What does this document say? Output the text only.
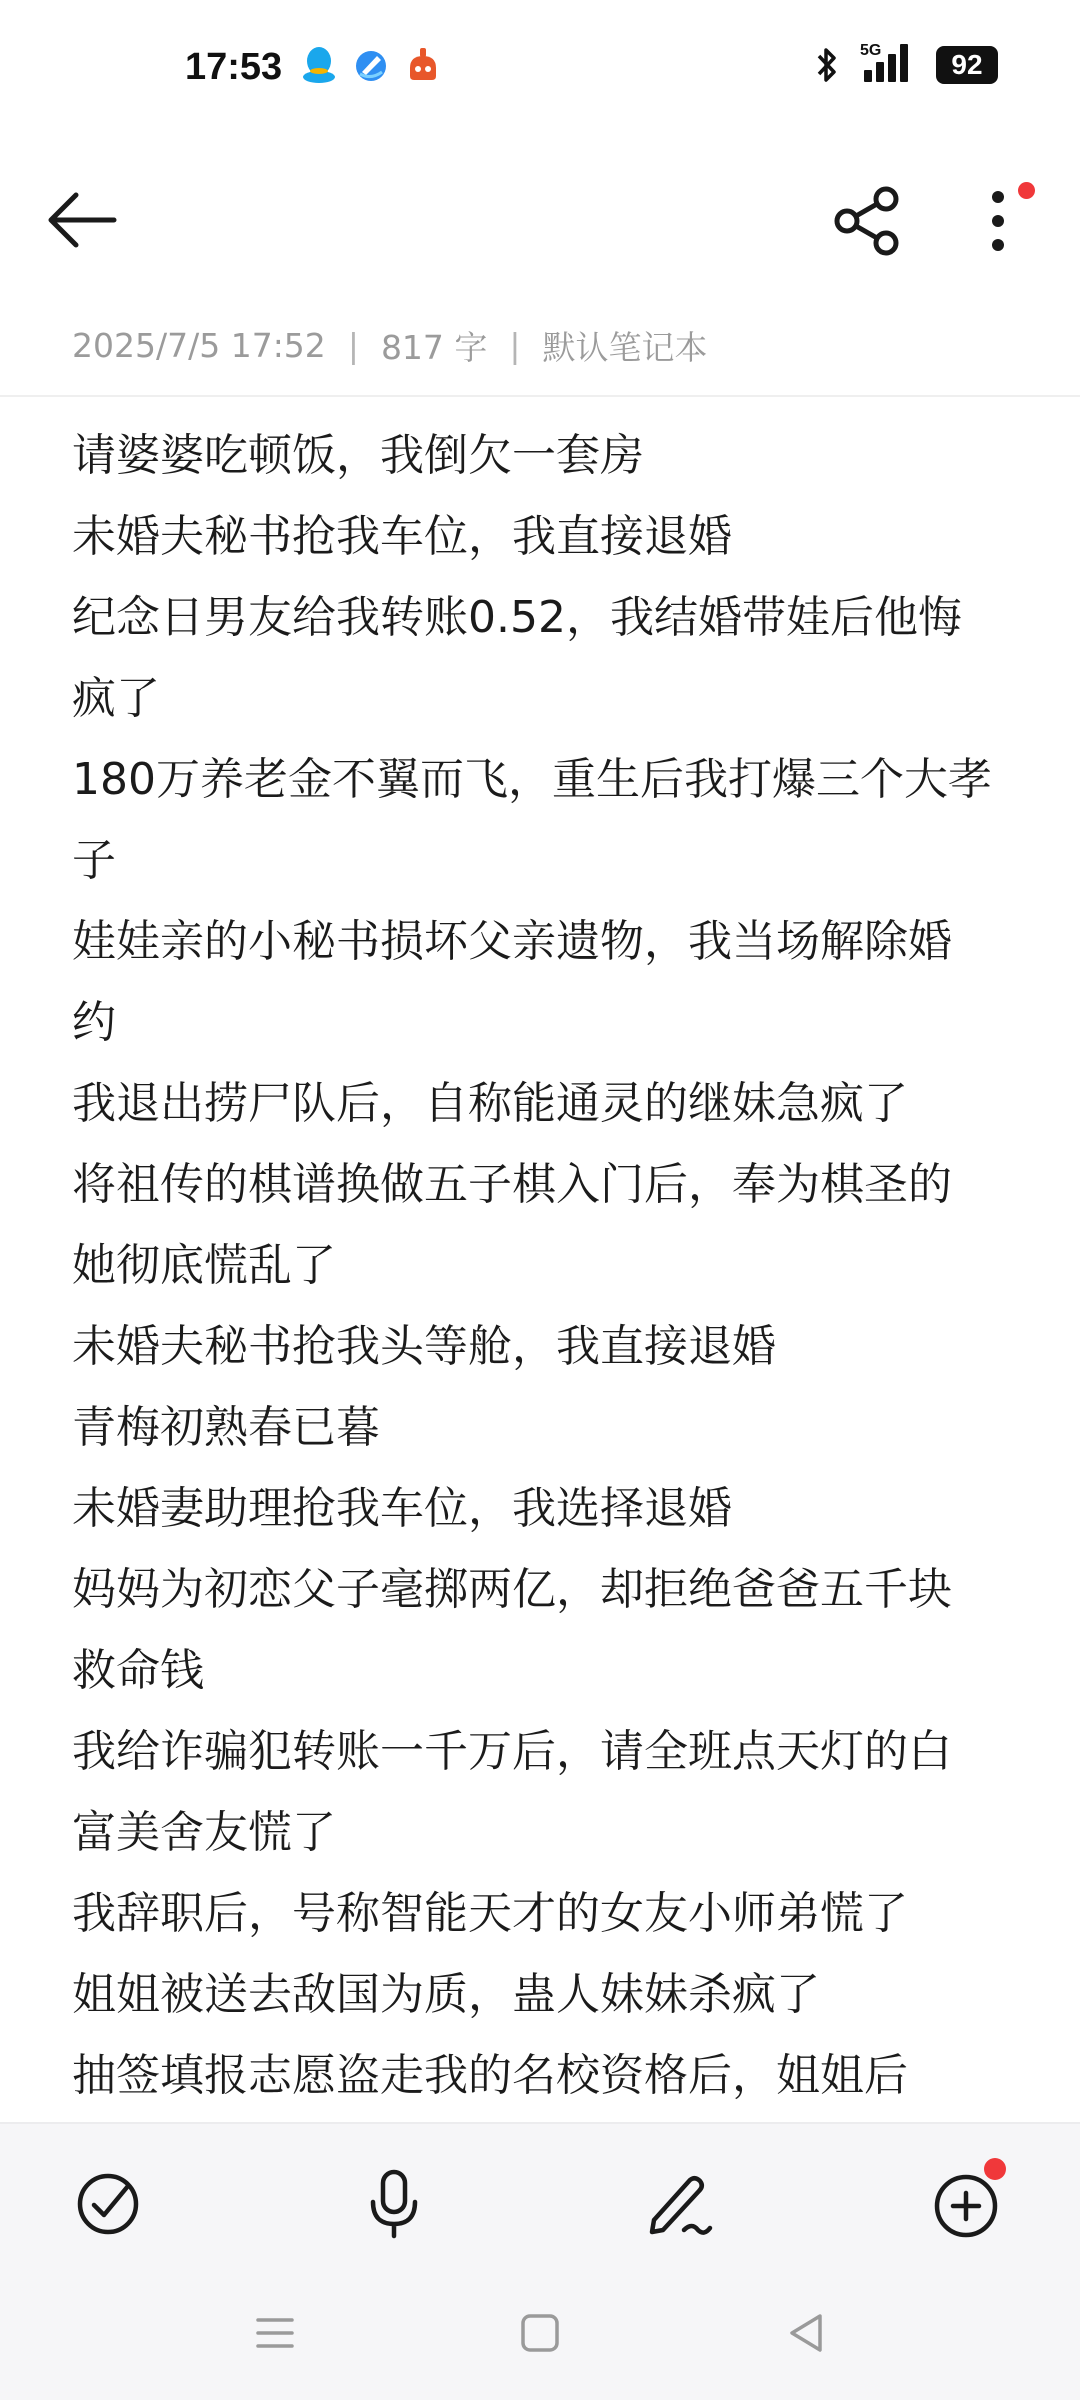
17:53	5G	92
2025/7/5 17:52 | 817 字 | 默认笔记本
请婆婆吃顿饭，我倒欠一套房
未婚夫秘书抢我车位，我直接退婚
纪念日男友给我转账0.52，我结婚带娃后他悔疯了
180万养老金不翼而飞，重生后我打爆三个大孝子
娃娃亲的小秘书损坏父亲遗物，我当场解除婚约
我退出捞尸队后，自称能通灵的继妹急疯了
将祖传的棋谱换做五子棋入门后，奉为棋圣的她彻底慌乱了
未婚夫秘书抢我头等舱，我直接退婚
青梅初熟春已暮
未婚妻助理抢我车位，我选择退婚
妈妈为初恋父子毫掷两亿，却拒绝爸爸五千块救命钱
我给诈骗犯转账一千万后，请全班点天灯的白富美舍友慌了
我辞职后，号称智能天才的女友小师弟慌了
姐姐被送去敌国为质，蛊人妹妹杀疯了
抽签填报志愿盗走我的名校资格后，姐姐后
